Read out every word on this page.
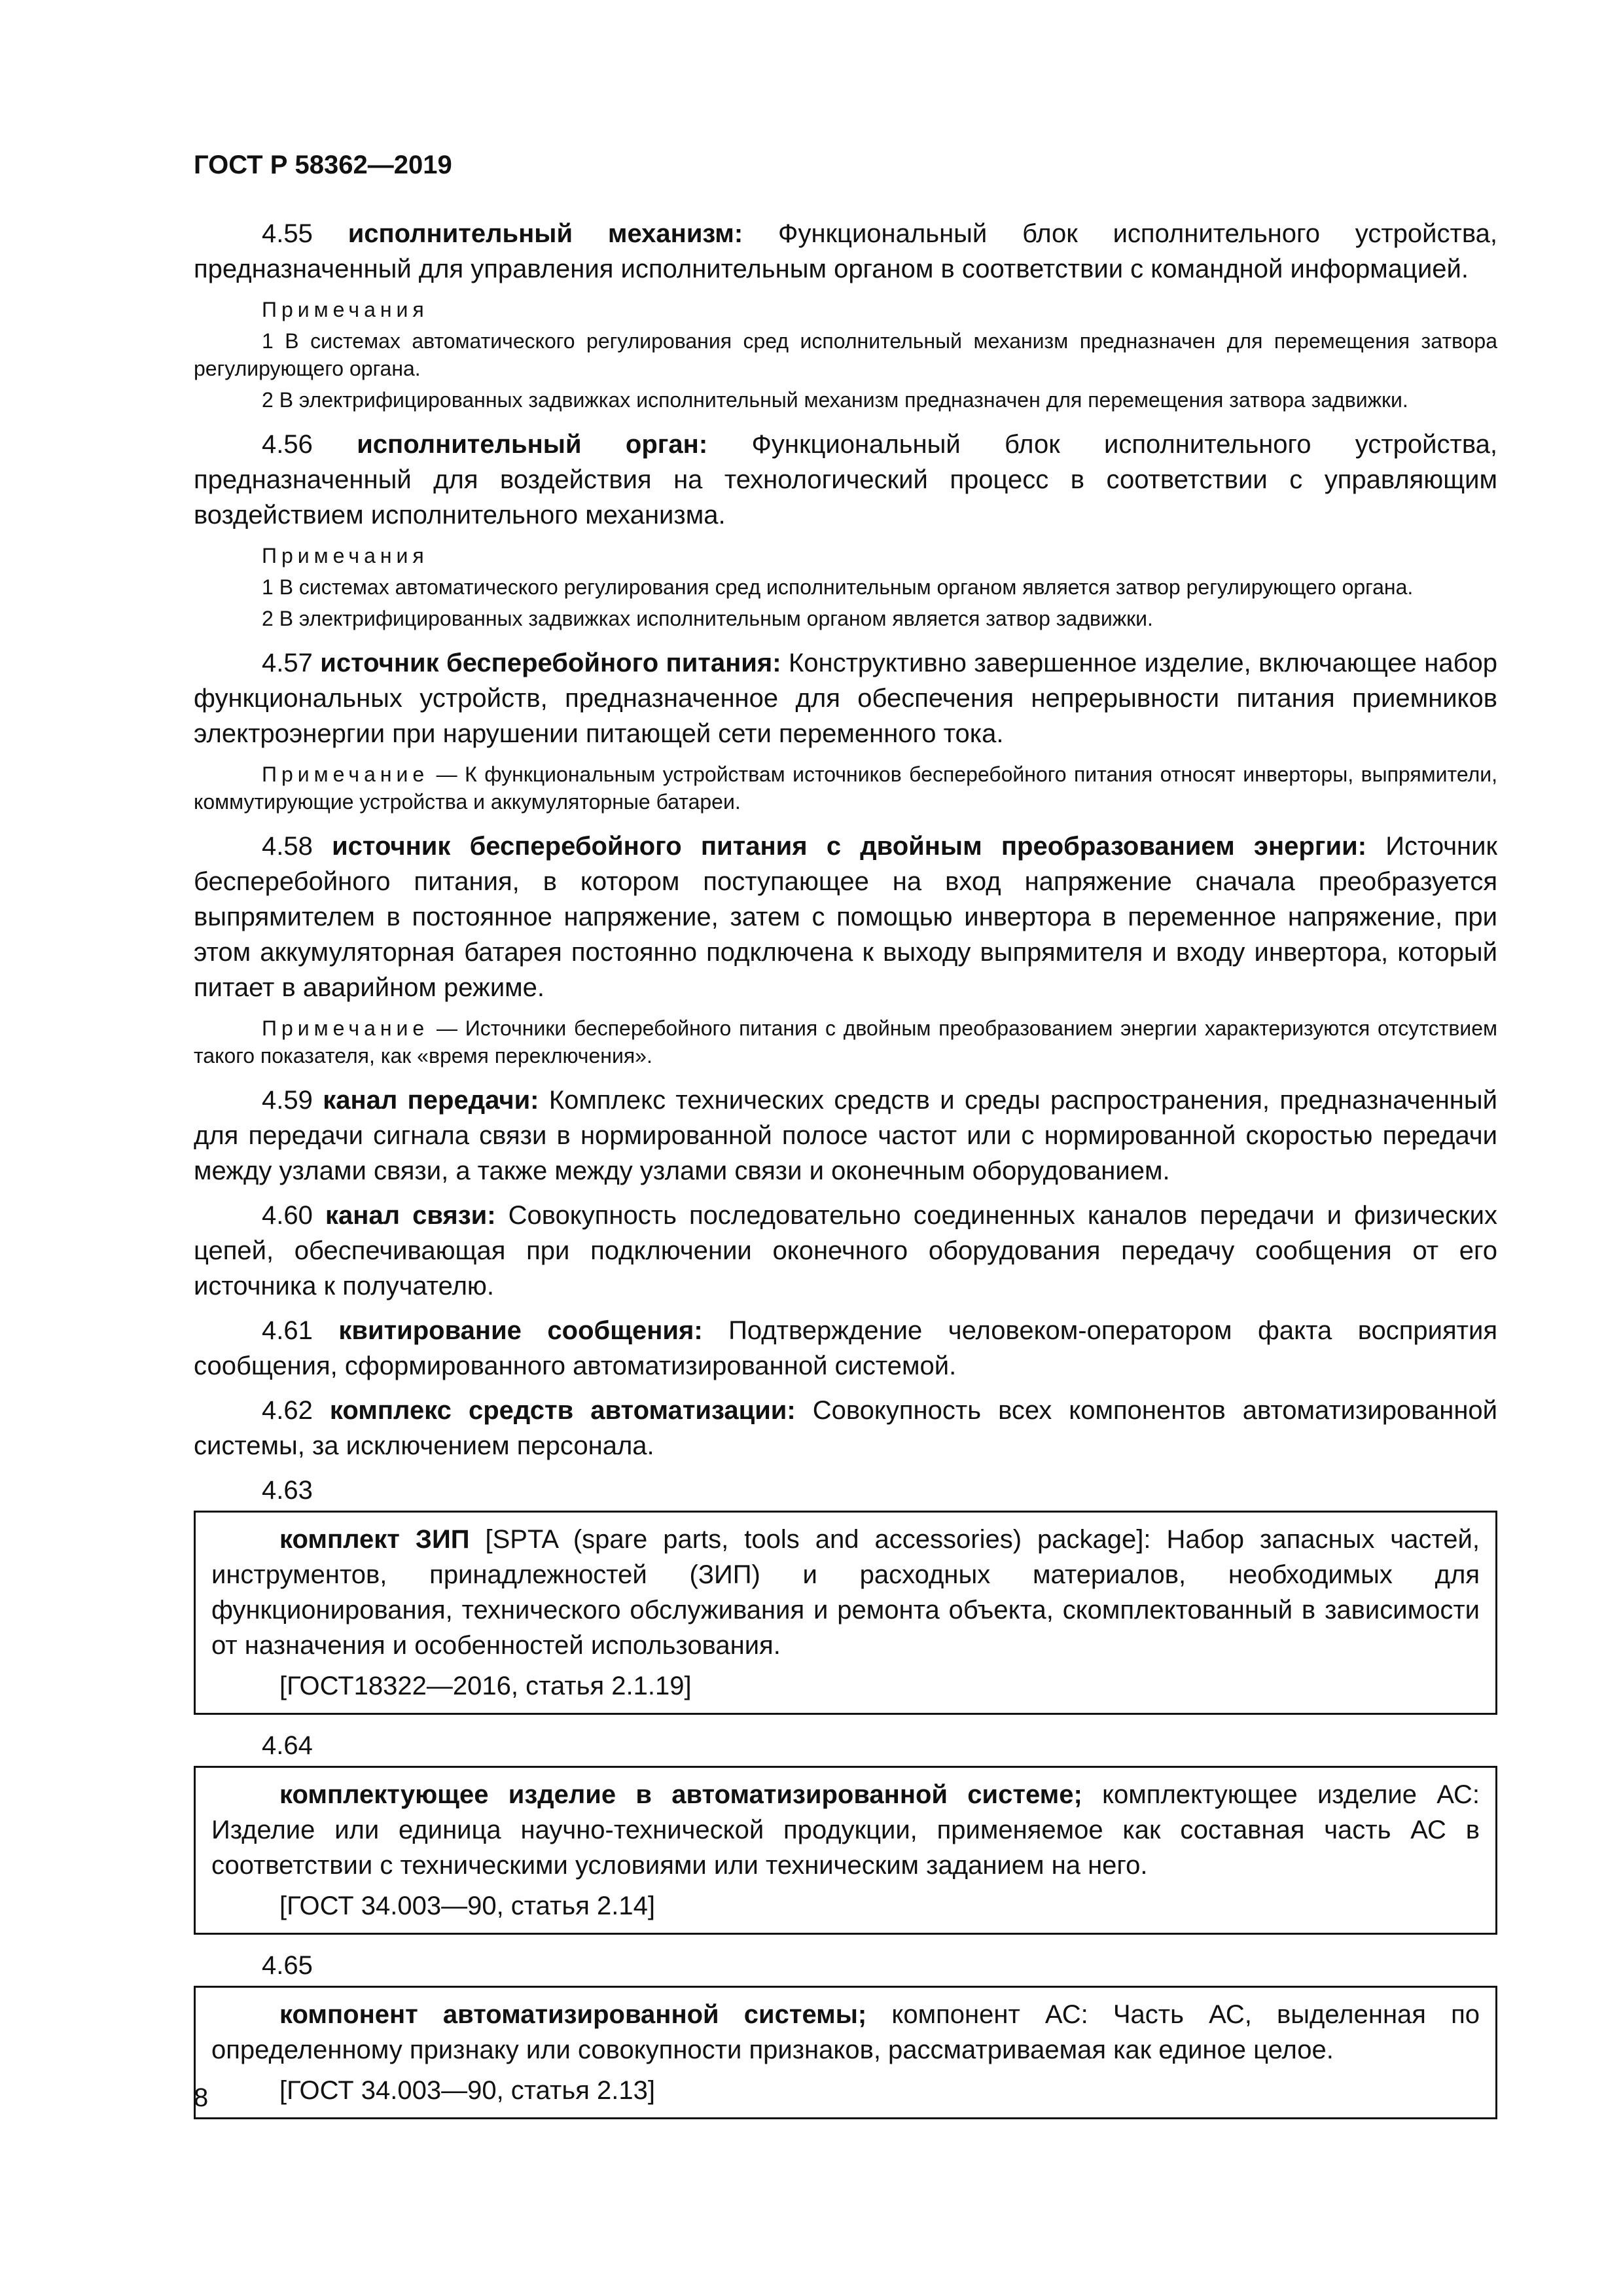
ГОСТ Р 58362—2019

4.55 исполнительный механизм: Функциональный блок исполнительного устройства, предназначенный для управления исполнительным органом в соответствии с командной информацией.

Примечания

1 В системах автоматического регулирования сред исполнительный механизм предназначен для перемещения затвора регулирующего органа.

2 В электрифицированных задвижках исполнительный механизм предназначен для перемещения затвора задвижки.

4.56 исполнительный орган: Функциональный блок исполнительного устройства, предназначенный для воздействия на технологический процесс в соответствии с управляющим воздействием исполнительного механизма.

Примечания

1 В системах автоматического регулирования сред исполнительным органом является затвор регулирующего органа.

2 В электрифицированных задвижках исполнительным органом является затвор задвижки.

4.57 источник бесперебойного питания: Конструктивно завершенное изделие, включающее набор функциональных устройств, предназначенное для обеспечения непрерывности питания приемников электроэнергии при нарушении питающей сети переменного тока.

Примечание — К функциональным устройствам источников бесперебойного питания относят инверторы, выпрямители, коммутирующие устройства и аккумуляторные батареи.

4.58 источник бесперебойного питания с двойным преобразованием энергии: Источник бесперебойного питания, в котором поступающее на вход напряжение сначала преобразуется выпрямителем в постоянное напряжение, затем с помощью инвертора в переменное напряжение, при этом аккумуляторная батарея постоянно подключена к выходу выпрямителя и входу инвертора, который питает в аварийном режиме.

Примечание — Источники бесперебойного питания с двойным преобразованием энергии характеризуются отсутствием такого показателя, как «время переключения».

4.59 канал передачи: Комплекс технических средств и среды распространения, предназначенный для передачи сигнала связи в нормированной полосе частот или с нормированной скоростью передачи между узлами связи, а также между узлами связи и оконечным оборудованием.

4.60 канал связи: Совокупность последовательно соединенных каналов передачи и физических цепей, обеспечивающая при подключении оконечного оборудования передачу сообщения от его источника к получателю.

4.61 квитирование сообщения: Подтверждение человеком-оператором факта восприятия сообщения, сформированного автоматизированной системой.

4.62 комплекс средств автоматизации: Совокупность всех компонентов автоматизированной системы, за исключением персонала.

4.63

комплект ЗИП [SPTA (spare parts, tools and accessories) package]: Набор запасных частей, инструментов, принадлежностей (ЗИП) и расходных материалов, необходимых для функционирования, технического обслуживания и ремонта объекта, скомплектованный в зависимости от назначения и особенностей использования.

[ГОСТ18322—2016, статья 2.1.19]

4.64

комплектующее изделие в автоматизированной системе; комплектующее изделие АС: Изделие или единица научно-технической продукции, применяемое как составная часть АС в соответствии с техническими условиями или техническим заданием на него.

[ГОСТ 34.003—90, статья 2.14]

4.65

компонент автоматизированной системы; компонент АС: Часть АС, выделенная по определенному признаку или совокупности признаков, рассматриваемая как единое целое.

[ГОСТ 34.003—90, статья 2.13]

8
